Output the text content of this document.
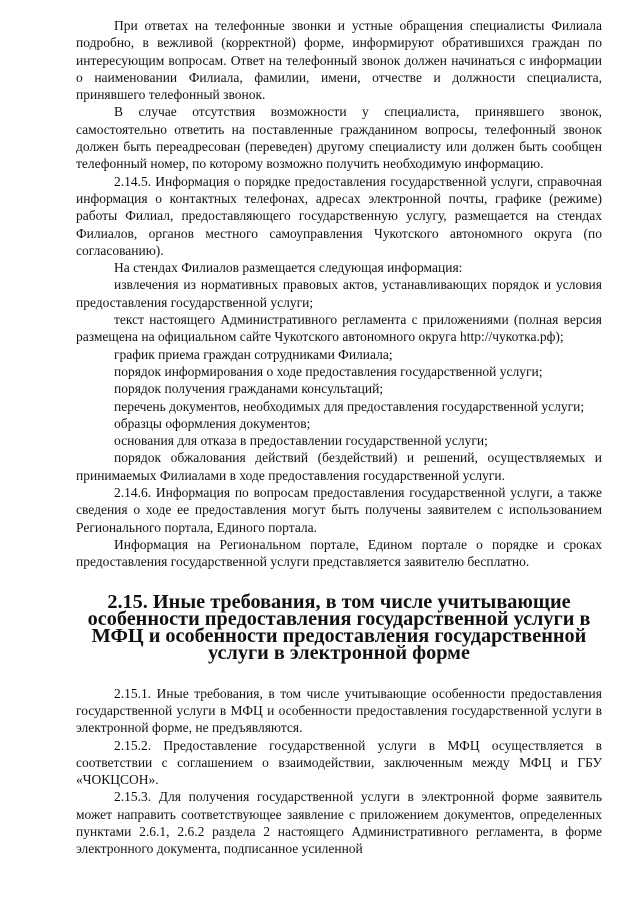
При ответах на телефонные звонки и устные обращения специалисты Филиала подробно, в вежливой (корректной) форме, информируют обратившихся граждан по интересующим вопросам. Ответ на телефонный звонок должен начинаться с информации о наименовании Филиала, фамилии, имени, отчестве и должности специалиста, принявшего телефонный звонок.

В случае отсутствия возможности у специалиста, принявшего звонок, самостоятельно ответить на поставленные гражданином вопросы, телефонный звонок должен быть переадресован (переведен) другому специалисту или должен быть сообщен телефонный номер, по которому возможно получить необходимую информацию.

2.14.5. Информация о порядке предоставления государственной услуги, справочная информация о контактных телефонах, адресах электронной почты, графике (режиме) работы Филиал, предоставляющего государственную услугу, размещается на стендах Филиалов, органов местного самоуправления Чукотского автономного округа (по согласованию).

На стендах Филиалов размещается следующая информация:

извлечения из нормативных правовых актов, устанавливающих порядок и условия предоставления государственной услуги;

текст настоящего Административного регламента с приложениями (полная версия размещена на официальном сайте Чукотского автономного округа http://чукотка.рф);

график приема граждан сотрудниками Филиала;

порядок информирования о ходе предоставления государственной услуги;

порядок получения гражданами консультаций;

перечень документов, необходимых для предоставления государственной услуги;

образцы оформления документов;

основания для отказа в предоставлении государственной услуги;

порядок обжалования действий (бездействий) и решений, осуществляемых и принимаемых Филиалами в ходе предоставления государственной услуги.

2.14.6. Информация по вопросам предоставления государственной услуги, а также сведения о ходе ее предоставления могут быть получены заявителем с использованием Регионального портала, Единого портала.

Информация на Региональном портале, Едином портале о порядке и сроках предоставления государственной услуги представляется заявителю бесплатно.

2.15. Иные требования, в том числе учитывающие особенности предоставления государственной услуги в МФЦ и особенности предоставления государственной услуги в электронной форме

2.15.1. Иные требования, в том числе учитывающие особенности предоставления государственной услуги в МФЦ и особенности предоставления государственной услуги в электронной форме, не предъявляются.

2.15.2. Предоставление государственной услуги в МФЦ осуществляется в соответствии с соглашением о взаимодействии, заключенным между МФЦ и ГБУ «ЧОКЦСОН».

2.15.3. Для получения государственной услуги в электронной форме заявитель может направить соответствующее заявление с приложением документов, определенных пунктами 2.6.1, 2.6.2 раздела 2 настоящего Административного регламента, в форме электронного документа, подписанное усиленной
